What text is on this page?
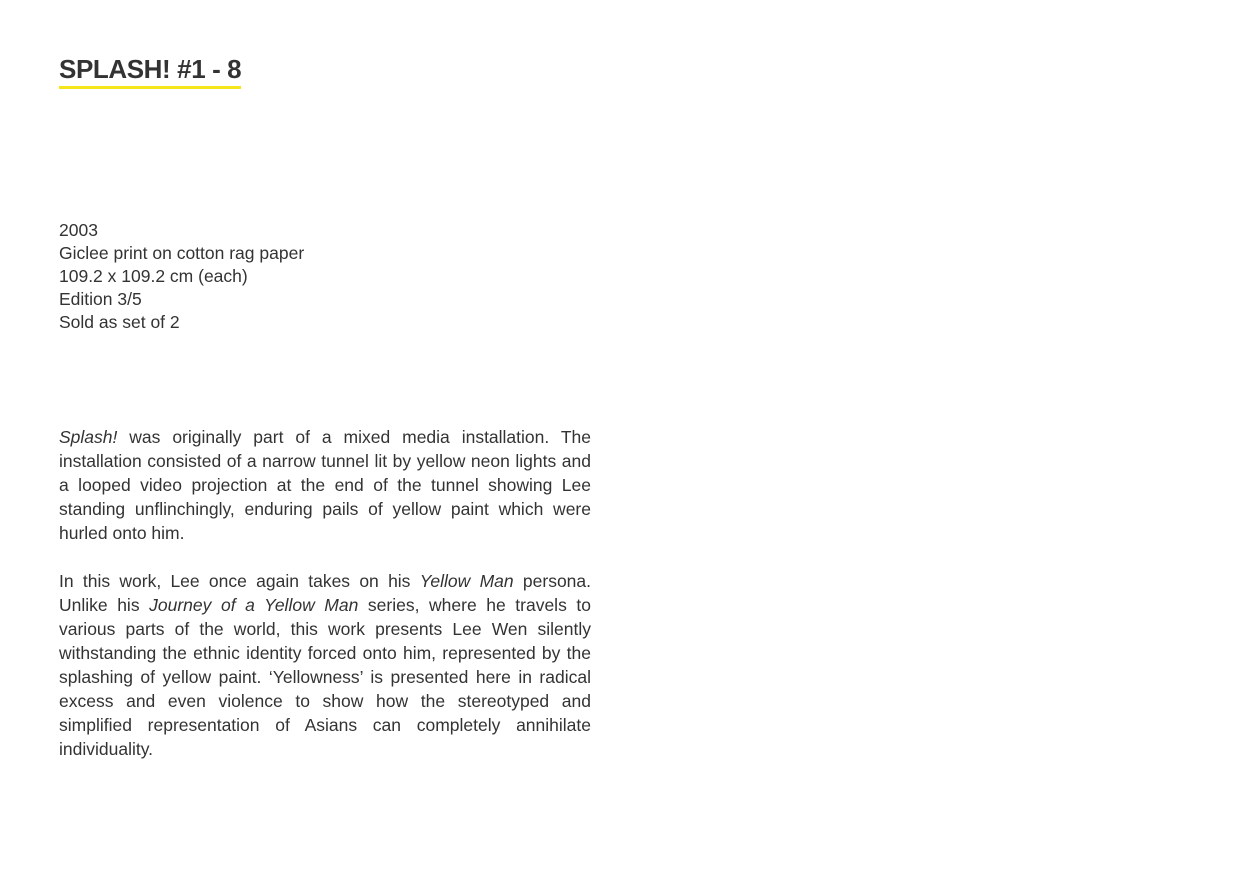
SPLASH! #1 - 8
2003
Giclee print on cotton rag paper
109.2 x 109.2 cm (each)
Edition 3/5
Sold as set of 2

Splash! was originally part of a mixed media installation. The installation consisted of a narrow tunnel lit by yellow neon lights and a looped video projection at the end of the tunnel showing Lee standing unflinchingly, enduring pails of yellow paint which were hurled onto him.

In this work, Lee once again takes on his Yellow Man persona. Unlike his Journey of a Yellow Man series, where he travels to various parts of the world, this work presents Lee Wen silently withstanding the ethnic identity forced onto him, represented by the splashing of yellow paint. ‘Yellowness’ is presented here in radical excess and even violence to show how the stereotyped and simplified representation of Asians can completely annihilate individuality.
